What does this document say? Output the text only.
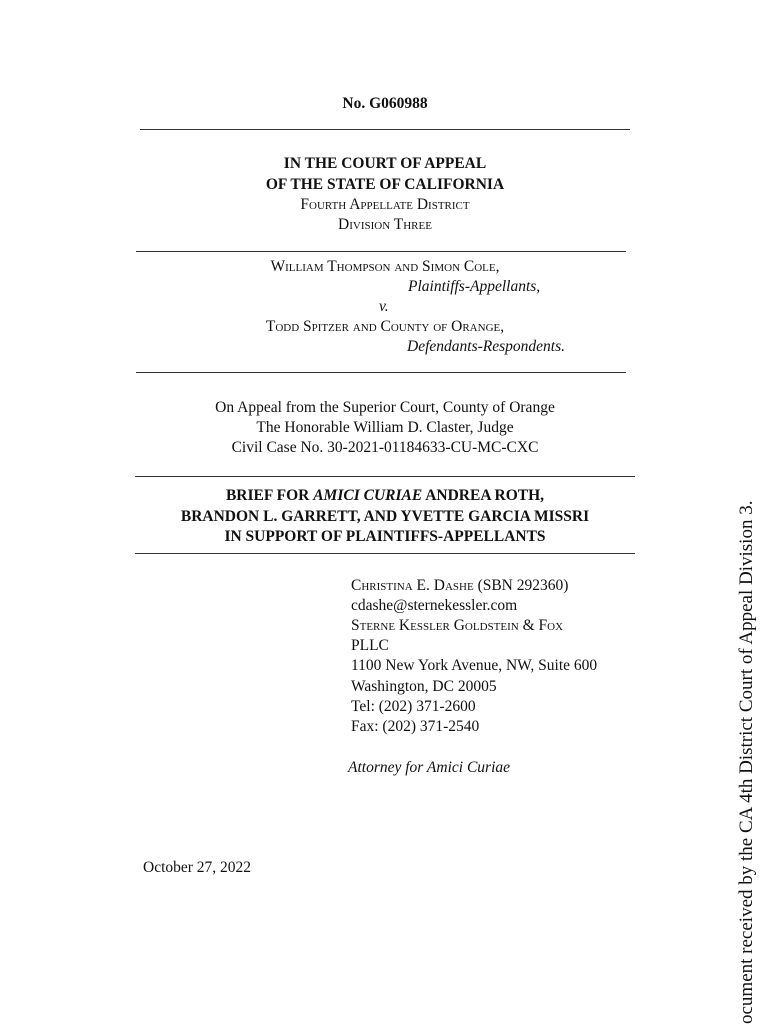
No. G060988
IN THE COURT OF APPEAL
OF THE STATE OF CALIFORNIA
Fourth Appellate District
Division Three
William Thompson and Simon Cole,
Plaintiffs-Appellants,
v.
Todd Spitzer and County of Orange,
Defendants-Respondents.
On Appeal from the Superior Court, County of Orange
The Honorable William D. Claster, Judge
Civil Case No. 30-2021-01184633-CU-MC-CXC
BRIEF FOR AMICI CURIAE ANDREA ROTH,
BRANDON L. GARRETT, AND YVETTE GARCIA MISSRI
IN SUPPORT OF PLAINTIFFS-APPELLANTS
Christina E. Dashe (SBN 292360)
cdashe@sternekessler.com
Sterne Kessler Goldstein & Fox
PLLC
1100 New York Avenue, NW, Suite 600
Washington, DC 20005
Tel: (202) 371-2600
Fax: (202) 371-2540
Attorney for Amici Curiae
October 27, 2022	ocument received by the CA 4th District Court of Appeal Division 3.
